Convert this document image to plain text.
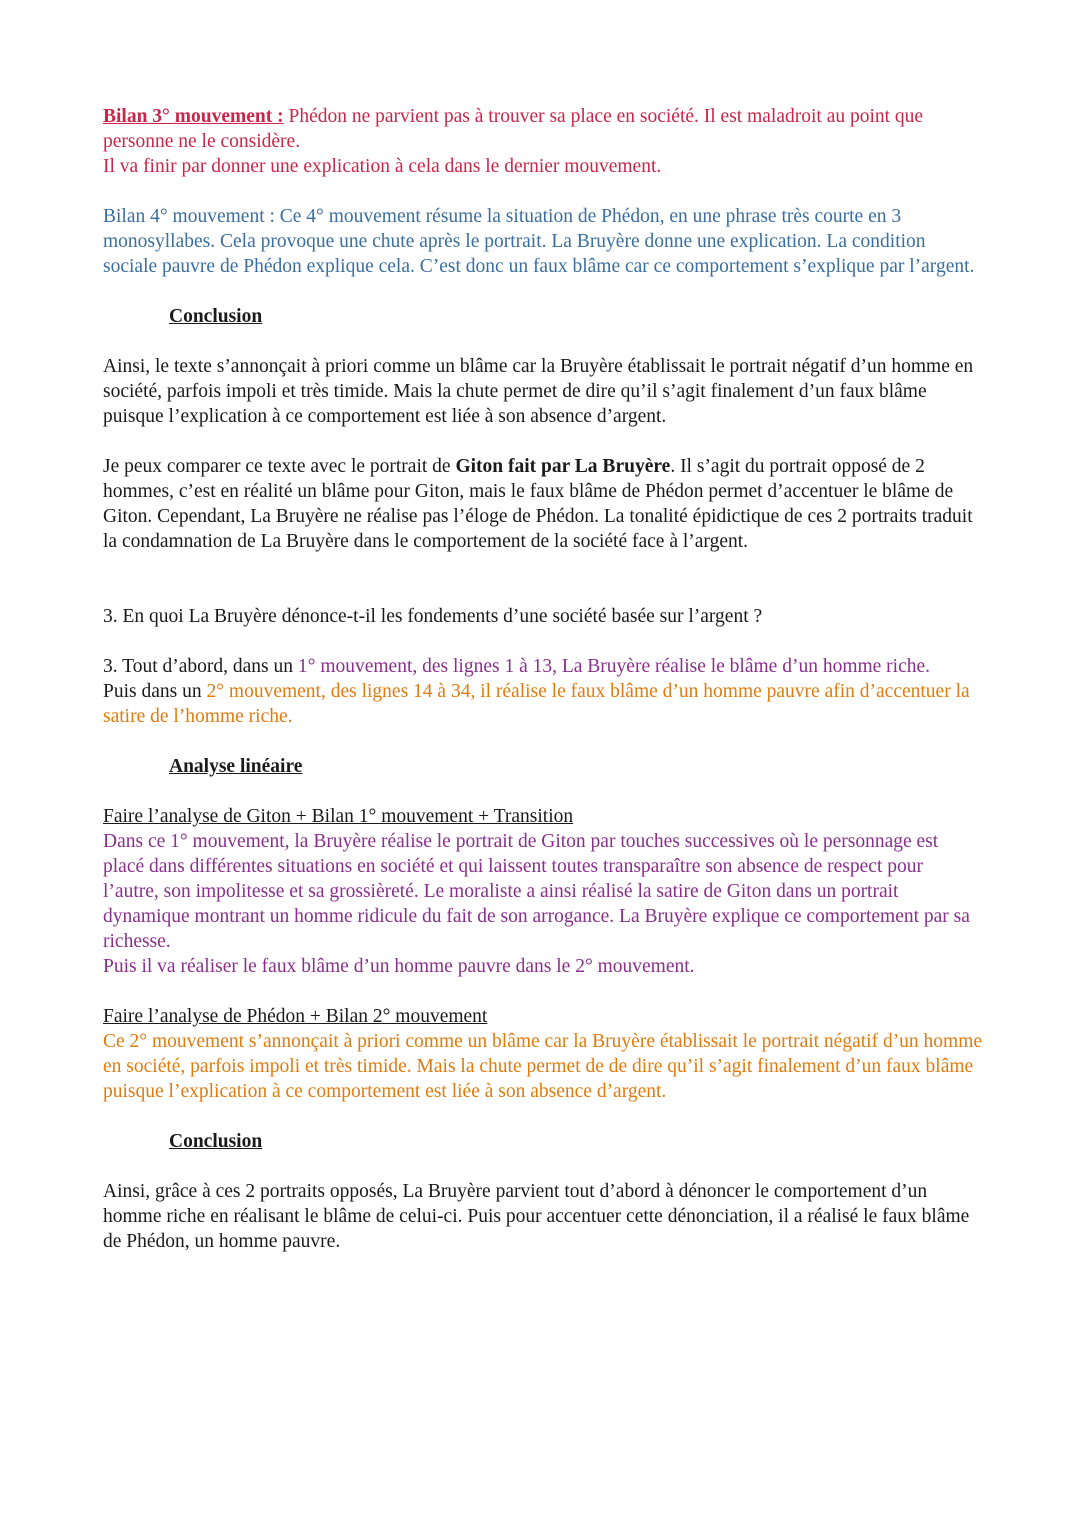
Bilan 3° mouvement : Phédon ne parvient pas à trouver sa place en société. Il est maladroit au point que personne ne le considère.

Il va finir par donner une explication à cela dans le dernier mouvement.

Bilan 4° mouvement : Ce 4° mouvement résume la situation de Phédon, en une phrase très courte en 3 monosyllabes. Cela provoque une chute après le portrait. La Bruyère donne une explication. La condition sociale pauvre de Phédon explique cela. C’est donc un faux blâme car ce comportement s’explique par l’argent.

Conclusion

Ainsi, le texte s’annonçait à priori comme un blâme car la Bruyère établissait le portrait négatif d’un homme en société, parfois impoli et très timide. Mais la chute permet de dire qu’il s’agit finalement d’un faux blâme puisque l’explication à ce comportement est liée à son absence d’argent.

Je peux comparer ce texte avec le portrait de Giton fait par La Bruyère. Il s’agit du portrait opposé de 2 hommes, c’est en réalité un blâme pour Giton, mais le faux blâme de Phédon permet d’accentuer le blâme de Giton. Cependant, La Bruyère ne réalise pas l’éloge de Phédon. La tonalité épidictique de ces 2 portraits traduit la condamnation de La Bruyère dans le comportement de la société face à l’argent.

3. En quoi La Bruyère dénonce-t-il les fondements d’une société basée sur l’argent ?

3. Tout d’abord, dans un 1° mouvement, des lignes 1 à 13, La Bruyère réalise le blâme d’un homme riche.

Puis dans un 2° mouvement, des lignes 14 à 34, il réalise le faux blâme d’un homme pauvre afin d’accentuer la satire de l’homme riche.

Analyse linéaire

Faire l’analyse de Giton + Bilan 1° mouvement + Transition

Dans ce 1° mouvement, la Bruyère réalise le portrait de Giton par touches successives où le personnage est placé dans différentes situations en société et qui laissent toutes transparaître son absence de respect pour l’autre, son impolitesse et sa grossièreté. Le moraliste a ainsi réalisé la satire de Giton dans un portrait dynamique montrant un homme ridicule du fait de son arrogance. La Bruyère explique ce comportement par sa richesse.

Puis il va réaliser le faux blâme d’un homme pauvre dans le 2° mouvement.

Faire l’analyse de Phédon + Bilan 2° mouvement

Ce 2° mouvement s’annonçait à priori comme un blâme car la Bruyère établissait le portrait négatif d’un homme en société, parfois impoli et très timide. Mais la chute permet de de dire qu’il s’agit finalement d’un faux blâme puisque l’explication à ce comportement est liée à son absence d’argent.

Conclusion

Ainsi, grâce à ces 2 portraits opposés, La Bruyère parvient tout d’abord à dénoncer le comportement d’un homme riche en réalisant le blâme de celui-ci. Puis pour accentuer cette dénonciation, il a réalisé le faux blâme de Phédon, un homme pauvre.
